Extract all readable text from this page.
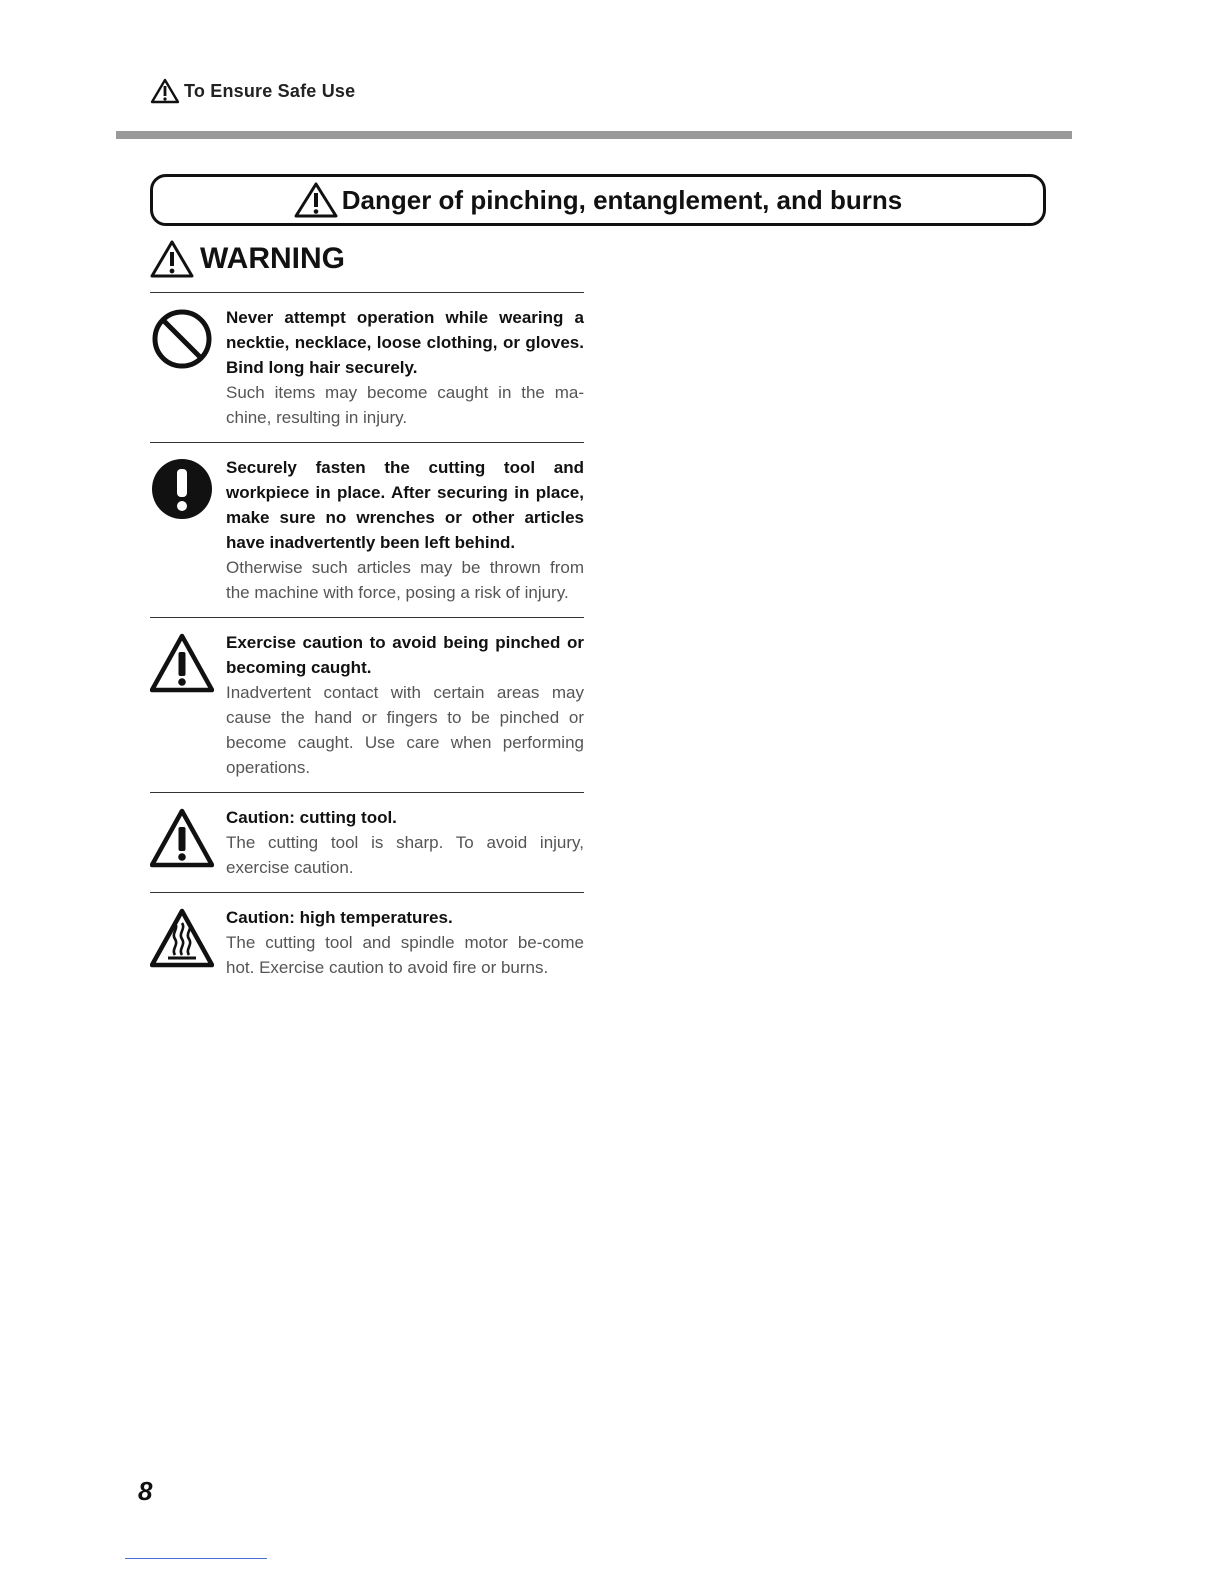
To Ensure Safe Use
Danger of pinching, entanglement, and burns
WARNING
Never attempt operation while wearing a necktie, necklace, loose clothing, or gloves. Bind long hair securely.
Such items may become caught in the ma-chine, resulting in injury.
Securely fasten the cutting tool and workpiece in place. After securing in place, make sure no wrenches or other articles have inadvertently been left behind.
Otherwise such articles may be thrown from the machine with force, posing a risk of injury.
Exercise caution to avoid being pinched or becoming caught.
Inadvertent contact with certain areas may cause the hand or fingers to be pinched or become caught. Use care when performing operations.
Caution: cutting tool.
The cutting tool is sharp. To avoid injury, exercise caution.
Caution: high temperatures.
The cutting tool and spindle motor be-come hot. Exercise caution to avoid fire or burns.
8
